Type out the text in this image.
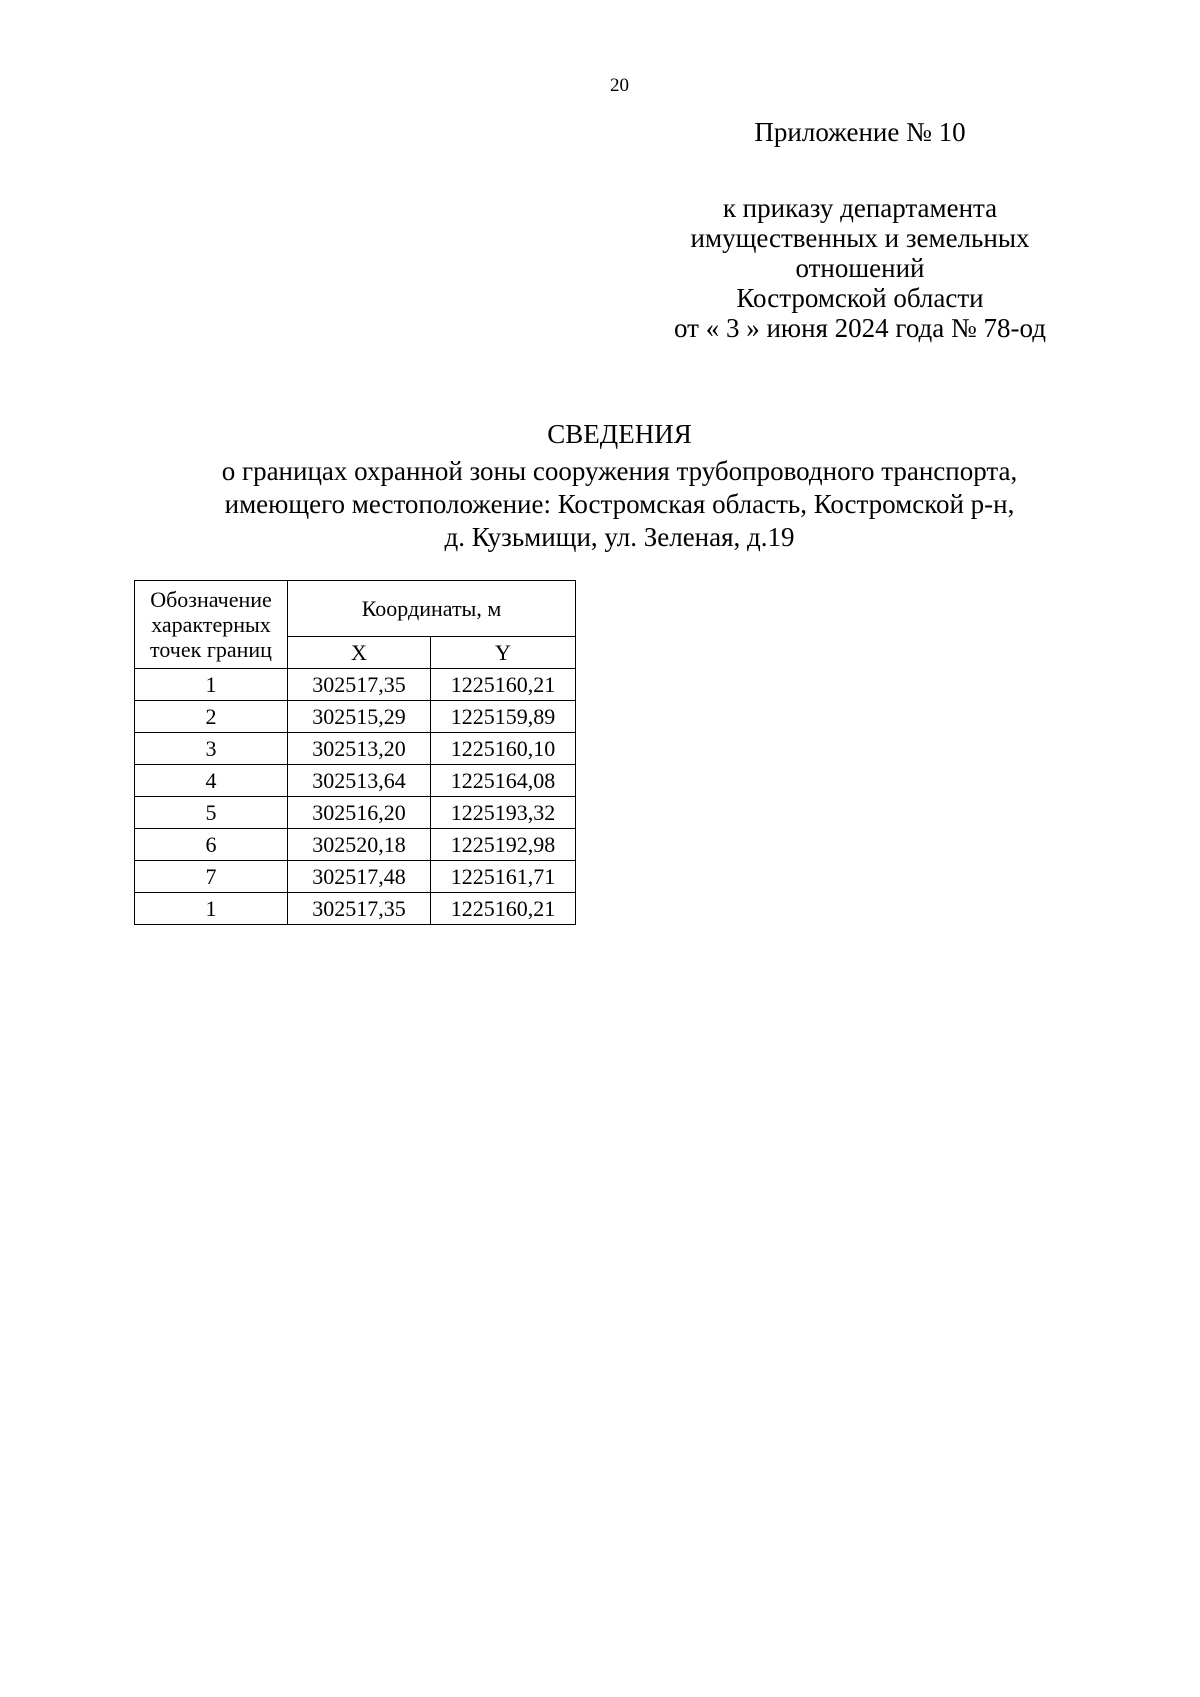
20
Приложение № 10
к приказу департамента
имущественных и земельных
отношений
Костромской области
от « 3 » июня 2024 года № 78-од
СВЕДЕНИЯ
о границах охранной зоны сооружения трубопроводного транспорта,
имеющего местоположение: Костромская область, Костромской р-н,
д. Кузьмищи, ул. Зеленая, д.19
Обозначение характерных точек границ	Координаты, м	
	X	Y
1	302517,35	1225160,21
2	302515,29	1225159,89
3	302513,20	1225160,10
4	302513,64	1225164,08
5	302516,20	1225193,32
6	302520,18	1225192,98
7	302517,48	1225161,71
1	302517,35	1225160,21
